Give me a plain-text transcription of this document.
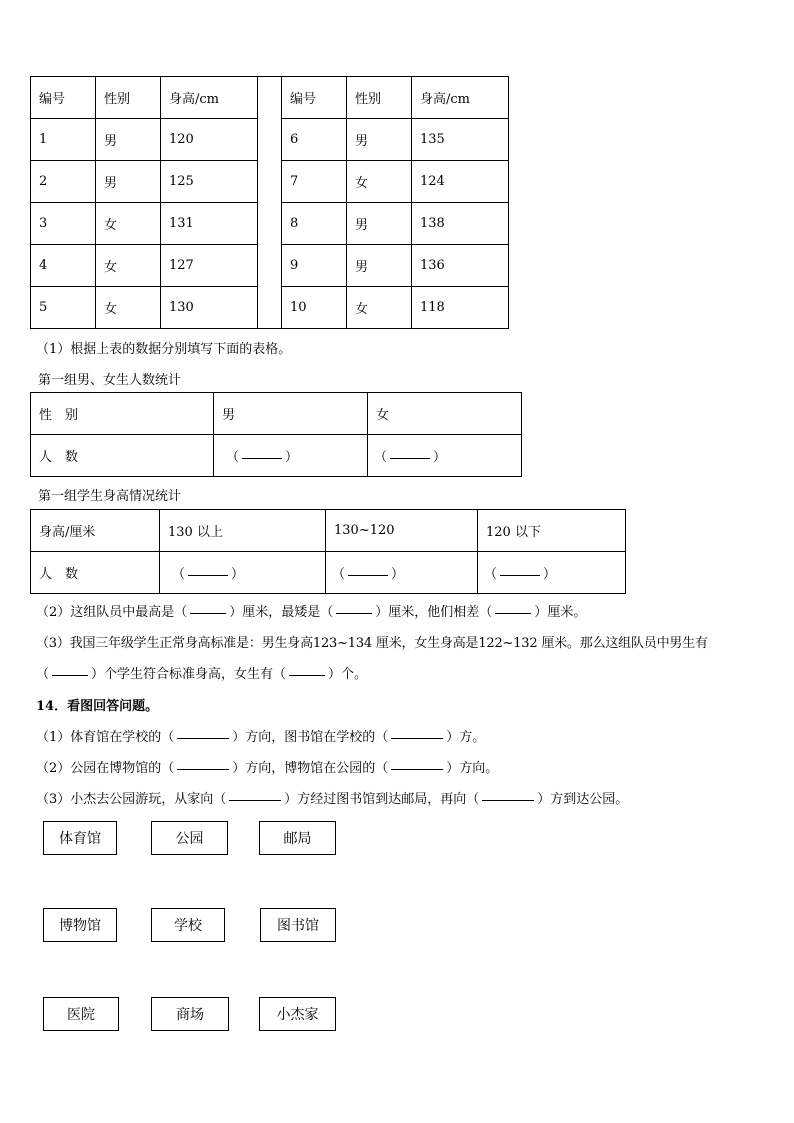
编号	性别	身高/cm		编号	性别	身高/cm
1	男	120		6	男	135
2	男	125		7	女	124
3	女	131		8	男	138
4	女	127		9	男	136
5	女	130		10	女	118
（1）根据上表的数据分别填写下面的表格。
第一组男、女生人数统计
性　别	男	女
人　数	（ ）	（ ）
第一组学生身高情况统计
身高/厘米	130 以上	130~120	120 以下
人　数	（ ）	（ ）	（ ）
（2）这组队员中最高是（	）厘米，最矮是（	）厘米，他们相差（	）厘米。
（3）我国三年级学生正常身高标准是：男生身高123~134 厘米，女生身高是122~132 厘米。那么这组队员中男生有
（	）个学生符合标准身高，女生有（	）个。
14．看图回答问题。
（1）体育馆在学校的（	）方向，图书馆在学校的（	）方。
（2）公园在博物馆的（	）方向，博物馆在公园的（	）方向。
（3）小杰去公园游玩，从家向（	）方经过图书馆到达邮局，再向（	）方到达公园。
体育馆	公园	邮局
博物馆	学校	图书馆
医院	商场	小杰家
